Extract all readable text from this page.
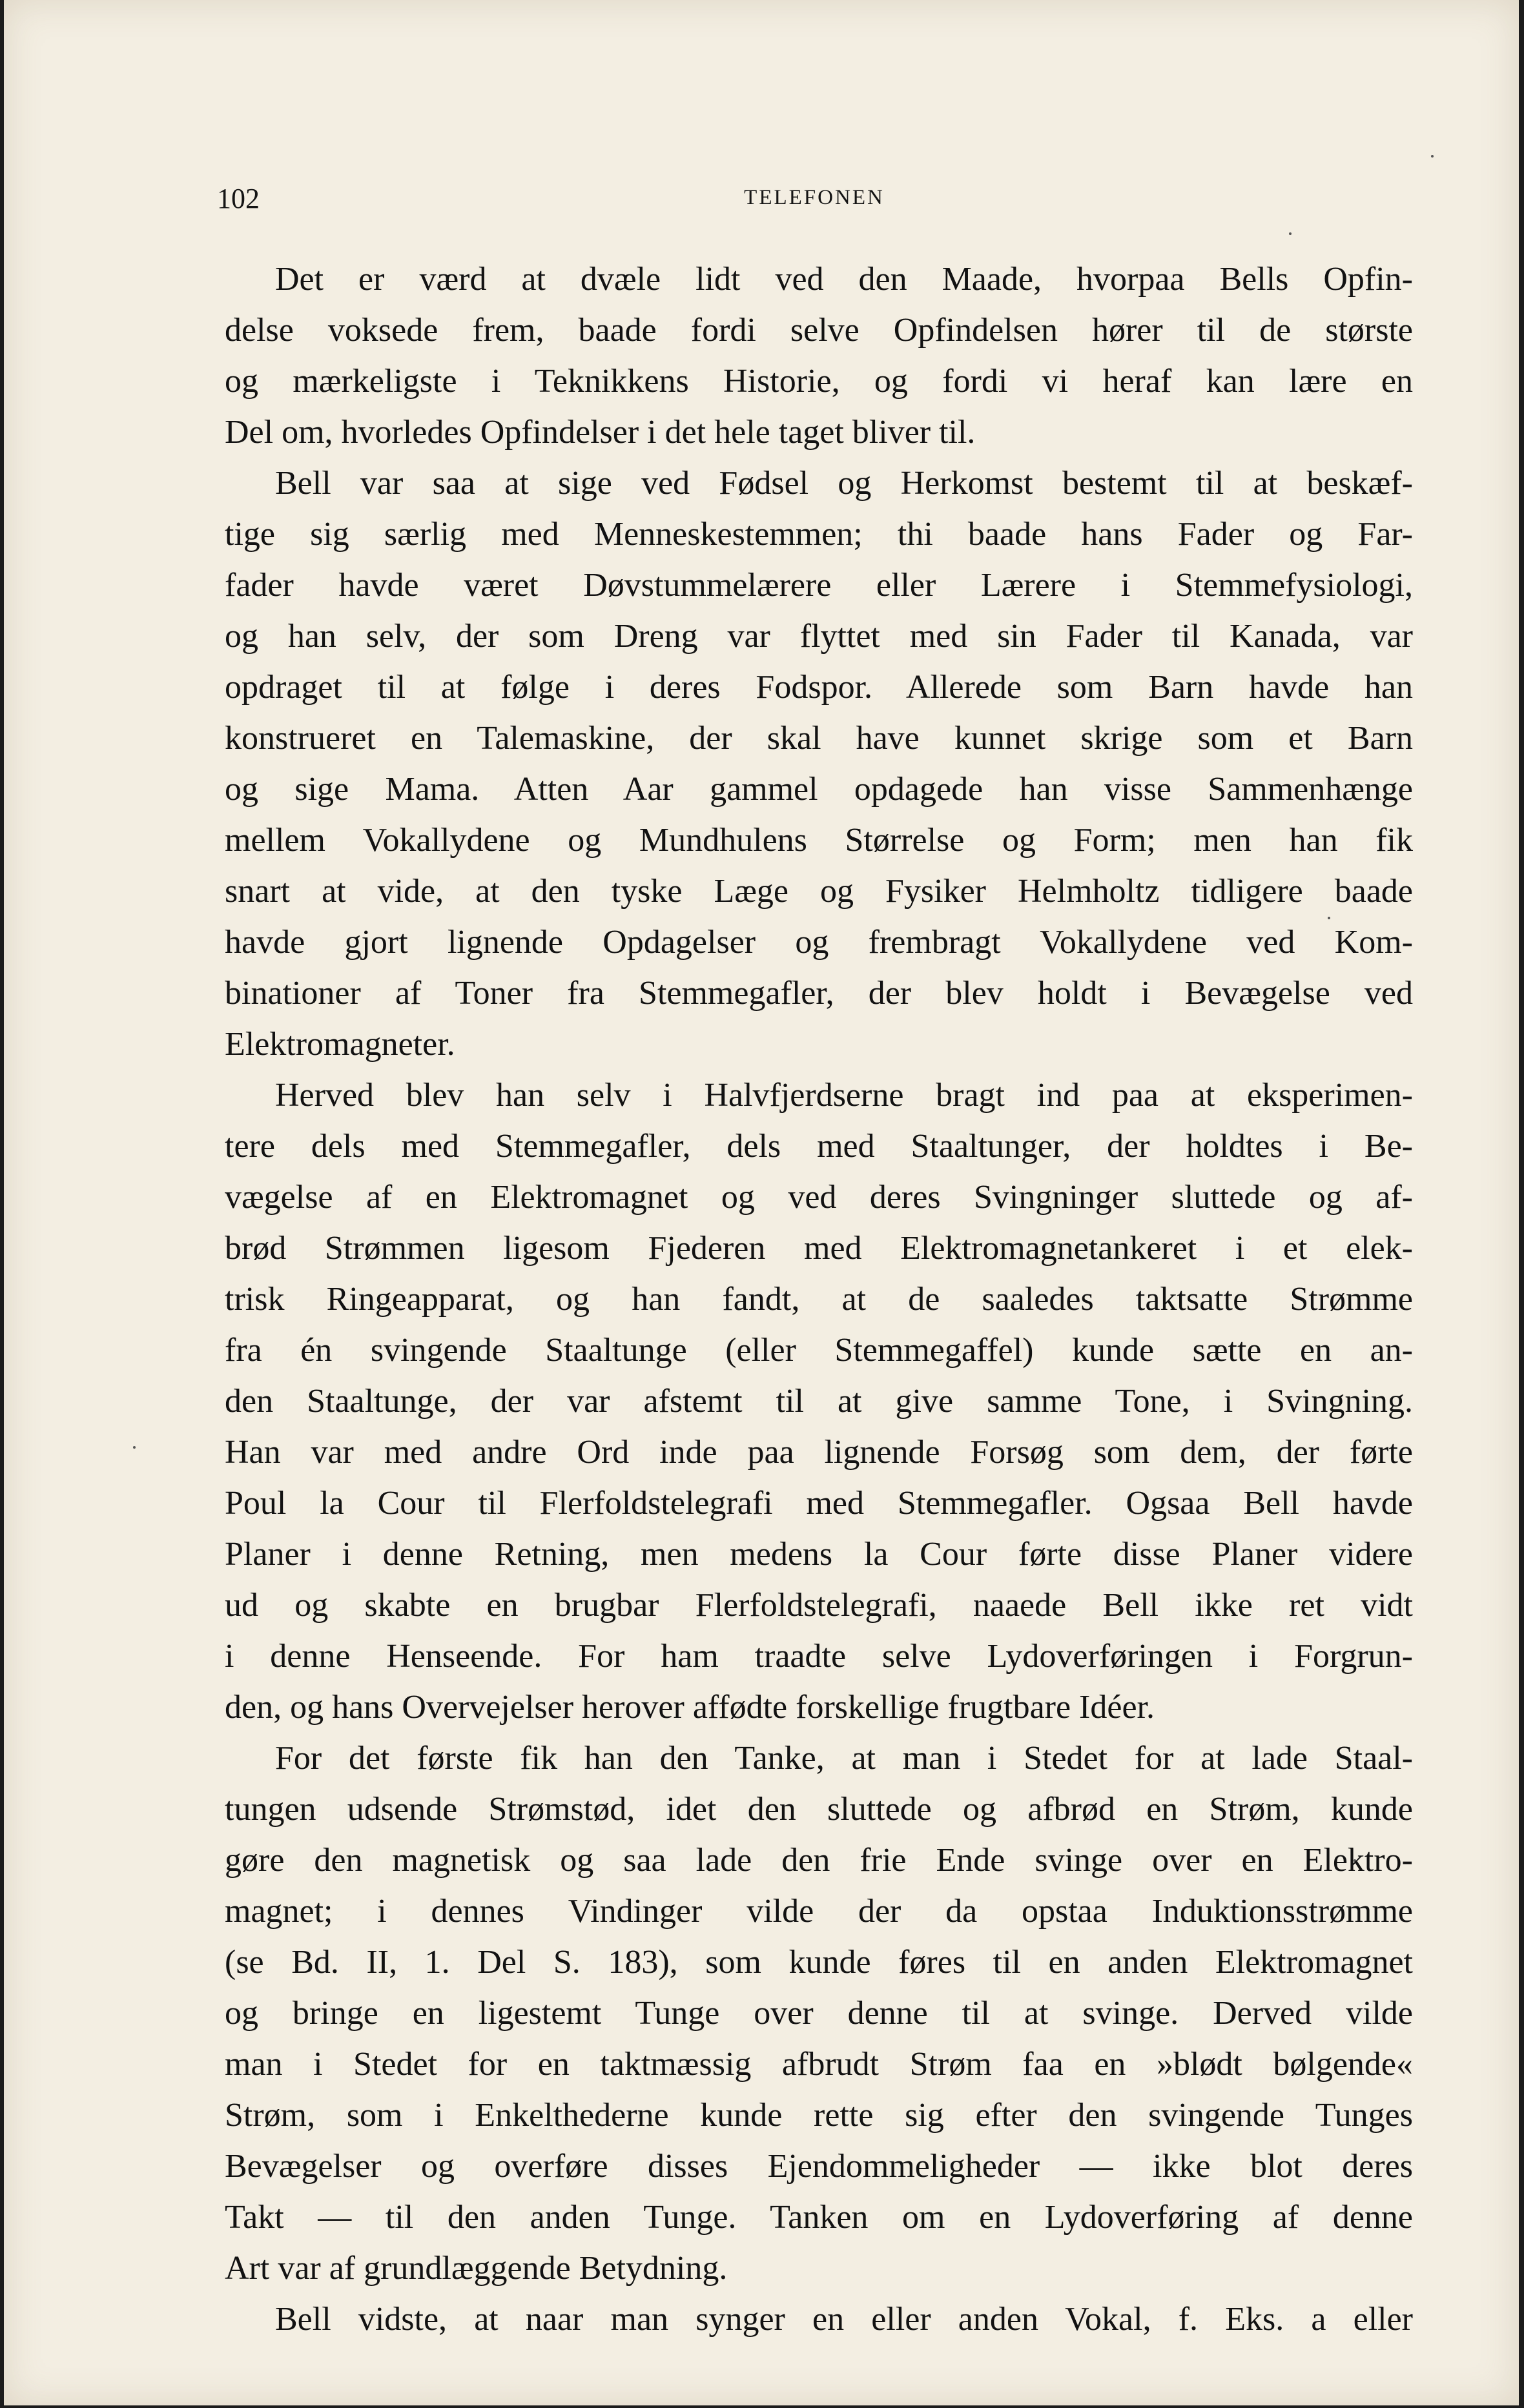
102	TELEFONEN
Det er værd at dvæle lidt ved den Maade, hvorpaa Bells Opfin-
delse voksede frem, baade fordi selve Opfindelsen hører til de største
og mærkeligste i Teknikkens Historie, og fordi vi heraf kan lære en
Del om, hvorledes Opfindelser i det hele taget bliver til.
Bell var saa at sige ved Fødsel og Herkomst bestemt til at beskæf-
tige sig særlig med Menneskestemmen; thi baade hans Fader og Far-
fader havde været Døvstummelærere eller Lærere i Stemmefysiologi,
og han selv, der som Dreng var flyttet med sin Fader til Kanada, var
opdraget til at følge i deres Fodspor. Allerede som Barn havde han
konstrueret en Talemaskine, der skal have kunnet skrige som et Barn
og sige Mama. Atten Aar gammel opdagede han visse Sammenhænge
mellem Vokallydene og Mundhulens Størrelse og Form; men han fik
snart at vide, at den tyske Læge og Fysiker Helmholtz tidligere baade
havde gjort lignende Opdagelser og frembragt Vokallydene ved Kom-
binationer af Toner fra Stemmegafler, der blev holdt i Bevægelse ved
Elektromagneter.
Herved blev han selv i Halvfjerdserne bragt ind paa at eksperimen-
tere dels med Stemmegafler, dels med Staaltunger, der holdtes i Be-
vægelse af en Elektromagnet og ved deres Svingninger sluttede og af-
brød Strømmen ligesom Fjederen med Elektromagnetankeret i et elek-
trisk Ringeapparat, og han fandt, at de saaledes taktsatte Strømme
fra én svingende Staaltunge (eller Stemmegaffel) kunde sætte en an-
den Staaltunge, der var afstemt til at give samme Tone, i Svingning.
Han var med andre Ord inde paa lignende Forsøg som dem, der førte
Poul la Cour til Flerfoldstelegrafi med Stemmegafler. Ogsaa Bell havde
Planer i denne Retning, men medens la Cour førte disse Planer videre
ud og skabte en brugbar Flerfoldstelegrafi, naaede Bell ikke ret vidt
i denne Henseende. For ham traadte selve Lydoverføringen i Forgrun-
den, og hans Overvejelser herover affødte forskellige frugtbare Idéer.
For det første fik han den Tanke, at man i Stedet for at lade Staal-
tungen udsende Strømstød, idet den sluttede og afbrød en Strøm, kunde
gøre den magnetisk og saa lade den frie Ende svinge over en Elektro-
magnet; i dennes Vindinger vilde der da opstaa Induktionsstrømme
(se Bd. II, 1. Del S. 183), som kunde føres til en anden Elektromagnet
og bringe en ligestemt Tunge over denne til at svinge. Derved vilde
man i Stedet for en taktmæssig afbrudt Strøm faa en »blødt bølgende«
Strøm, som i Enkelthederne kunde rette sig efter den svingende Tunges
Bevægelser og overføre disses Ejendommeligheder — ikke blot deres
Takt — til den anden Tunge. Tanken om en Lydoverføring af denne
Art var af grundlæggende Betydning.
Bell vidste, at naar man synger en eller anden Vokal, f. Eks. a eller
